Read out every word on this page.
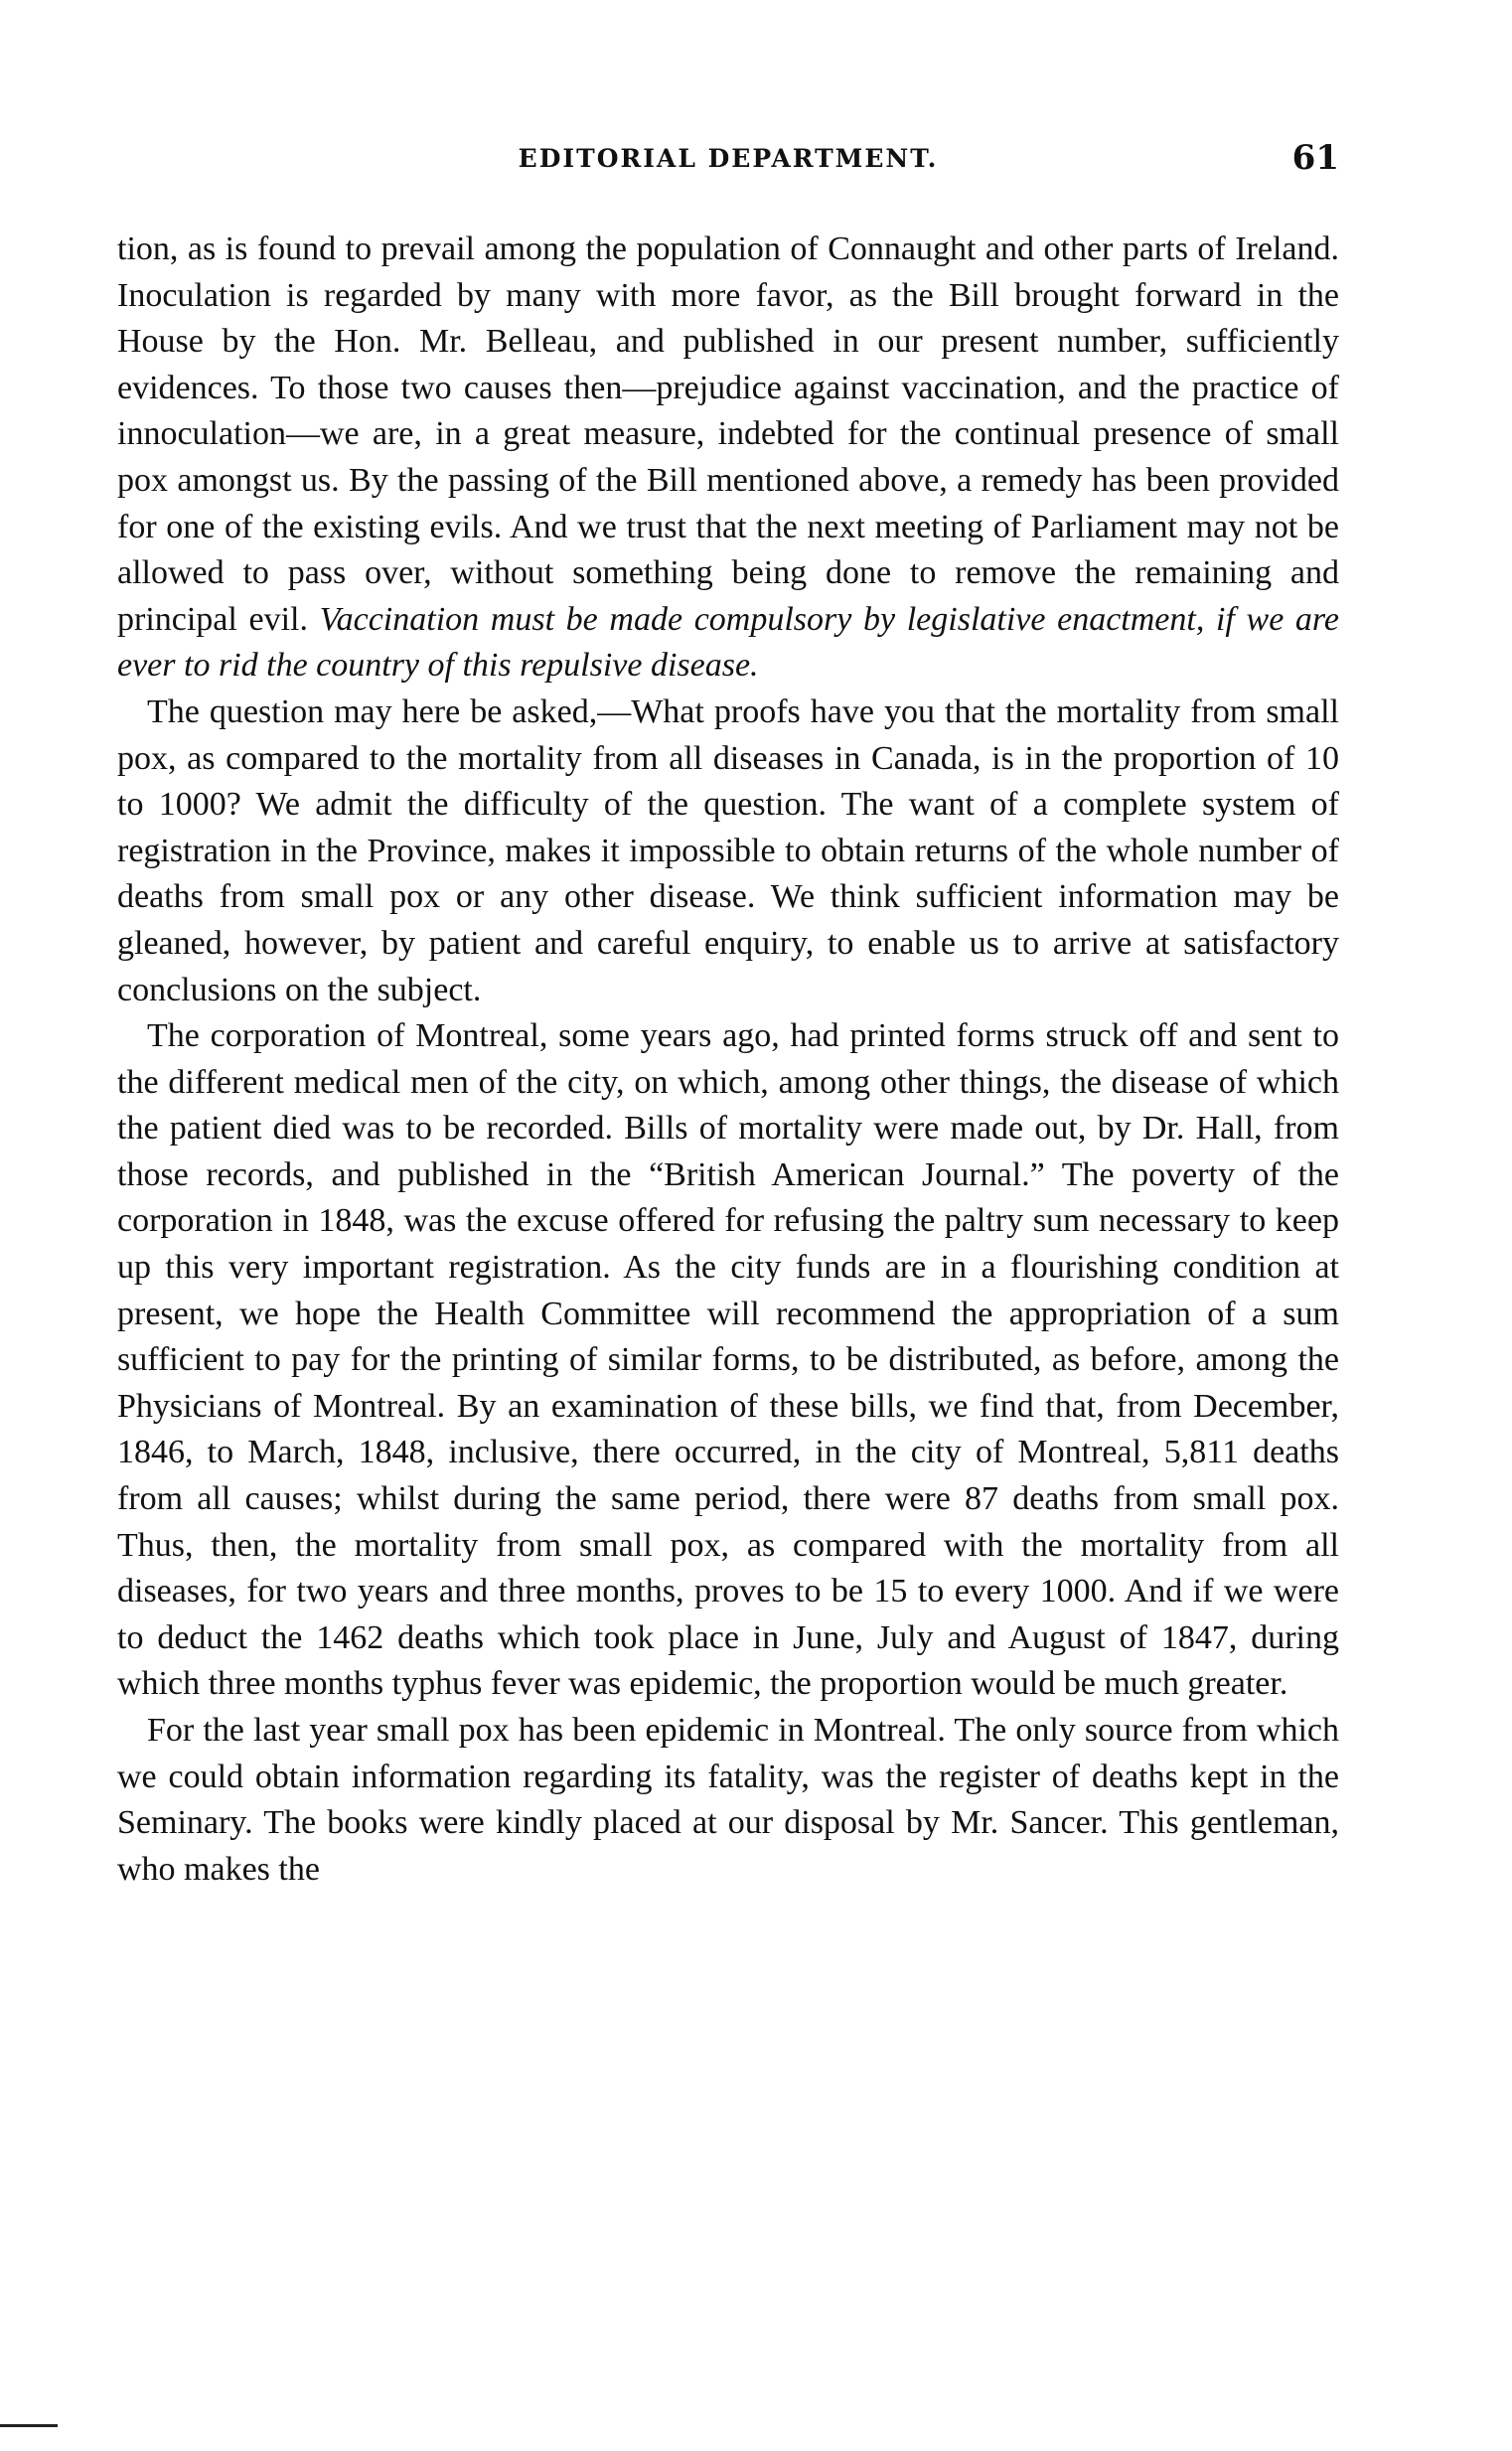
EDITORIAL DEPARTMENT.	61

tion, as is found to prevail among the population of Connaught and other parts of Ireland. Inoculation is regarded by many with more favor, as the Bill brought forward in the House by the Hon. Mr. Belleau, and published in our present number, sufficiently evidences. To those two causes then—prejudice against vaccination, and the practice of innoculation—we are, in a great measure, indebted for the continual presence of small pox amongst us. By the passing of the Bill mentioned above, a remedy has been provided for one of the existing evils. And we trust that the next meeting of Parliament may not be allowed to pass over, without something being done to remove the remaining and principal evil. Vaccination must be made compulsory by legislative enactment, if we are ever to rid the country of this repulsive disease.

The question may here be asked,—What proofs have you that the mortality from small pox, as compared to the mortality from all diseases in Canada, is in the proportion of 10 to 1000? We admit the difficulty of the question. The want of a complete system of registration in the Province, makes it impossible to obtain returns of the whole number of deaths from small pox or any other disease. We think sufficient information may be gleaned, however, by patient and careful enquiry, to enable us to arrive at satisfactory conclusions on the subject.

The corporation of Montreal, some years ago, had printed forms struck off and sent to the different medical men of the city, on which, among other things, the disease of which the patient died was to be recorded. Bills of mortality were made out, by Dr. Hall, from those records, and published in the “British American Journal.” The poverty of the corporation in 1848, was the excuse offered for refusing the paltry sum necessary to keep up this very important registration. As the city funds are in a flourishing condition at present, we hope the Health Committee will recommend the appropriation of a sum sufficient to pay for the printing of similar forms, to be distributed, as before, among the Physicians of Montreal. By an examination of these bills, we find that, from December, 1846, to March, 1848, inclusive, there occurred, in the city of Montreal, 5,811 deaths from all causes; whilst during the same period, there were 87 deaths from small pox. Thus, then, the mortality from small pox, as compared with the mortality from all diseases, for two years and three months, proves to be 15 to every 1000. And if we were to deduct the 1462 deaths which took place in June, July and August of 1847, during which three months typhus fever was epidemic, the proportion would be much greater.

For the last year small pox has been epidemic in Montreal. The only source from which we could obtain information regarding its fatality, was the register of deaths kept in the Seminary. The books were kindly placed at our disposal by Mr. Sancer. This gentleman, who makes the
